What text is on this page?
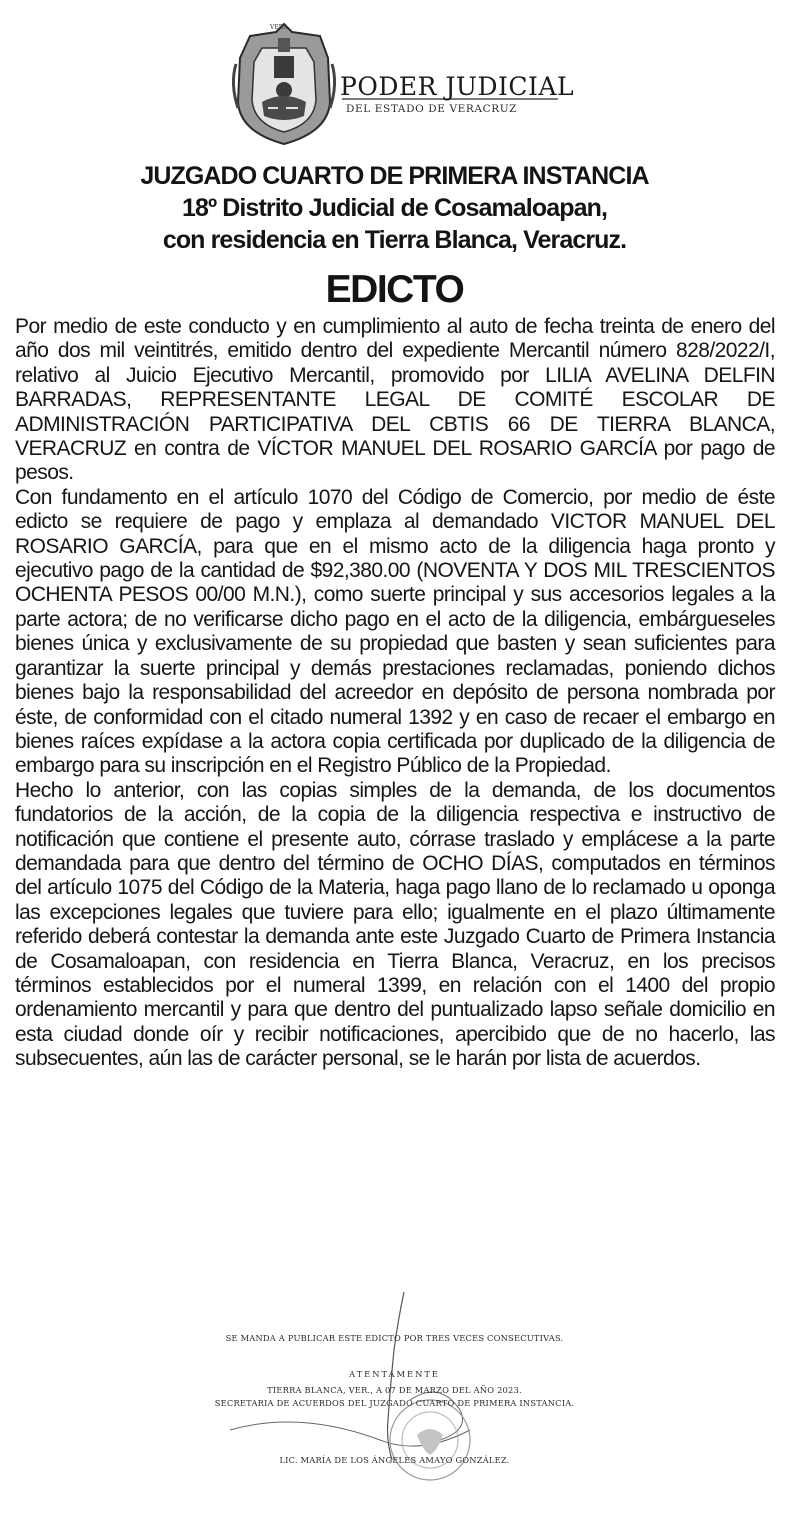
VERA

PODER JUDICIAL

DEL ESTADO DE VERACRUZ

JUZGADO CUARTO DE PRIMERA INSTANCIA
18º Distrito Judicial de Cosamaloapan,
con residencia en Tierra Blanca, Veracruz.
EDICTO

Por medio de este conducto y en cumplimiento al auto de fecha treinta de enero del año dos mil veintitrés, emitido dentro del expediente Mercantil número 828/2022/I, relativo al Juicio Ejecutivo Mercantil, promovido por LILIA AVELINA DELFIN BARRADAS, REPRESENTANTE LEGAL DE COMITÉ ESCOLAR DE ADMINISTRACIÓN PARTICIPATIVA DEL CBTIS 66 DE TIERRA BLANCA, VERACRUZ en contra de VÍCTOR MANUEL DEL ROSARIO GARCÍA por pago de pesos.

Con fundamento en el artículo 1070 del Código de Comercio, por medio de éste edicto se requiere de pago y emplaza al demandado VICTOR MANUEL DEL ROSARIO GARCÍA, para que en el mismo acto de la diligencia haga pronto y ejecutivo pago de la cantidad de $92,380.00 (NOVENTA Y DOS MIL TRESCIENTOS OCHENTA PESOS 00/00 M.N.), como suerte principal y sus accesorios legales a la parte actora; de no verificarse dicho pago en el acto de la diligencia, embárgueseles bienes única y exclusivamente de su propiedad que basten y sean suficientes para garantizar la suerte principal y demás prestaciones reclamadas, poniendo dichos bienes bajo la responsabilidad del acreedor en depósito de persona nombrada por éste, de conformidad con el citado numeral 1392 y en caso de recaer el embargo en bienes raíces expídase a la actora copia certificada por duplicado de la diligencia de embargo para su inscripción en el Registro Público de la Propiedad.

Hecho lo anterior, con las copias simples de la demanda, de los documentos fundatorios de la acción, de la copia de la diligencia respectiva e instructivo de notificación que contiene el presente auto, córrase traslado y emplácese a la parte demandada para que dentro del término de OCHO DÍAS, computados en términos del artículo 1075 del Código de la Materia, haga pago llano de lo reclamado u oponga las excepciones legales que tuviere para ello; igualmente en el plazo últimamente referido deberá contestar la demanda ante este Juzgado Cuarto de Primera Instancia de Cosamaloapan, con residencia en Tierra Blanca, Veracruz, en los precisos términos establecidos por el numeral 1399, en relación con el 1400 del propio ordenamiento mercantil y para que dentro del puntualizado lapso señale domicilio en esta ciudad donde oír y recibir notificaciones, apercibido que de no hacerlo, las subsecuentes, aún las de carácter personal, se le harán por lista de acuerdos.

SE MANDA A PUBLICAR ESTE EDICTO POR TRES VECES CONSECUTIVAS.

ATENTAMENTE

TIERRA BLANCA, VER., A 07 DE MARZO DEL AÑO 2023.

SECRETARIA DE ACUERDOS DEL JUZGADO CUARTO DE PRIMERA INSTANCIA.

LIC. MARÍA DE LOS ÁNGELES AMAYO GONZÁLEZ.
